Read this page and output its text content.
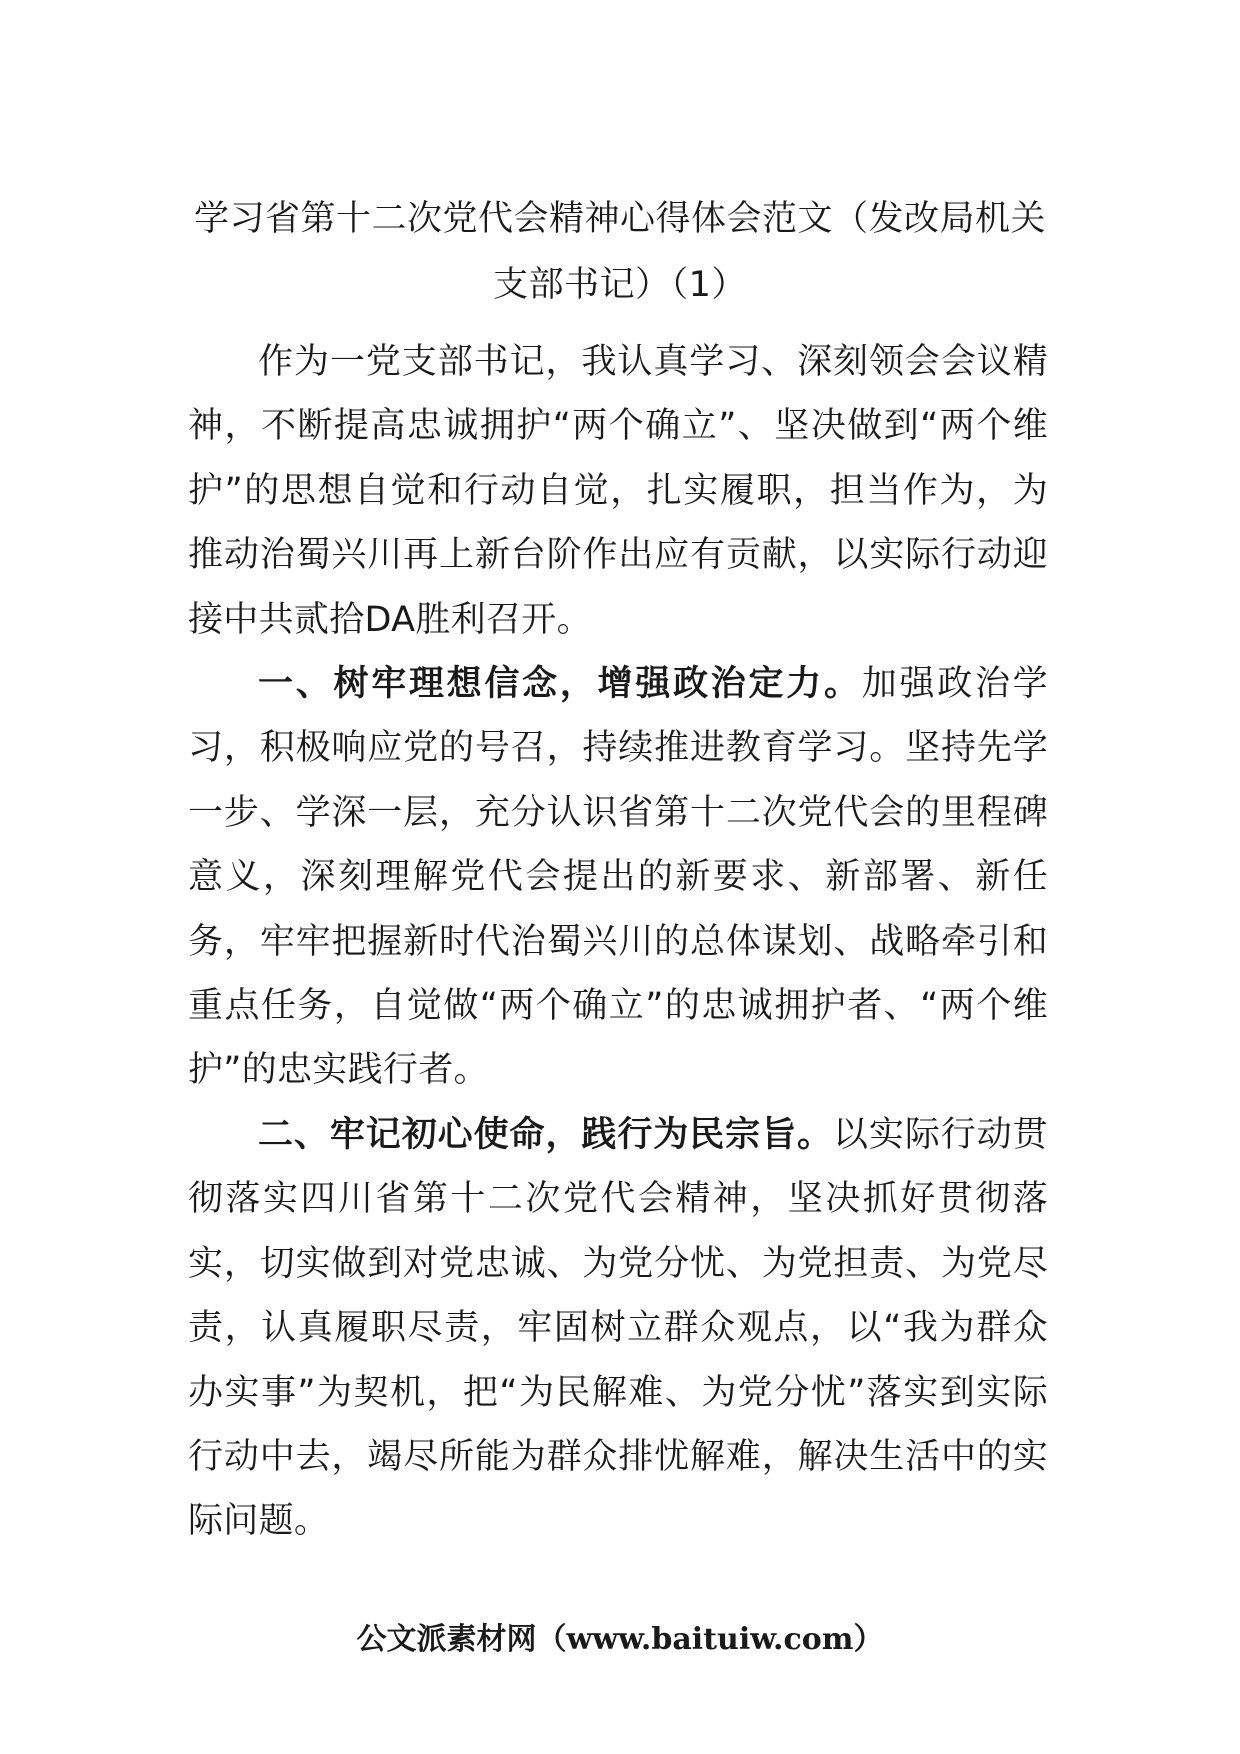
学习省第十二次党代会精神心得体会范文（发改局机关支部书记）（1）

作为一党支部书记，我认真学习、深刻领会会议精神，不断提高忠诚拥护“两个确立”、坚决做到“两个维护”的思想自觉和行动自觉，扎实履职，担当作为，为推动治蜀兴川再上新台阶作出应有贡献，以实际行动迎接中共贰拾DA胜利召开。

一、树牢理想信念，增强政治定力。加强政治学习，积极响应党的号召，持续推进教育学习。坚持先学一步、学深一层，充分认识省第十二次党代会的里程碑意义，深刻理解党代会提出的新要求、新部署、新任务，牢牢把握新时代治蜀兴川的总体谋划、战略牵引和重点任务，自觉做“两个确立”的忠诚拥护者、“两个维护”的忠实践行者。

二、牢记初心使命，践行为民宗旨。以实际行动贯彻落实四川省第十二次党代会精神，坚决抓好贯彻落实，切实做到对党忠诚、为党分忧、为党担责、为党尽责，认真履职尽责，牢固树立群众观点，以“我为群众办实事”为契机，把“为民解难、为党分忧”落实到实际行动中去，竭尽所能为群众排忧解难，解决生活中的实际问题。

公文派素材网（www.baituiw.com）
